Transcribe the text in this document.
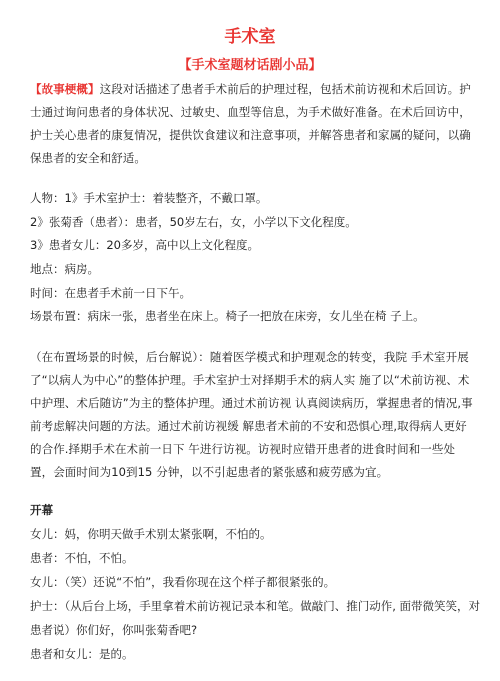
手术室
【手术室题材话剧小品】

【故事梗概】这段对话描述了患者手术前后的护理过程，包括术前访视和术后回访。护士通过询问患者的身体状况、过敏史、血型等信息，为手术做好准备。在术后回访中，护士关心患者的康复情况，提供饮食建议和注意事项，并解答患者和家属的疑问，以确保患者的安全和舒适。

人物：1》手术室护士：着装整齐，不戴口罩。

2》张菊香（患者）：患者，50岁左右，女，小学以下文化程度。

3》患者女儿：20多岁，高中以上文化程度。

地点：病房。

时间：在患者手术前一日下午。

场景布置：病床一张，患者坐在床上。椅子一把放在床旁，女儿坐在椅 子上。

（在布置场景的时候，后台解说）：随着医学模式和护理观念的转变，我院 手术室开展了“以病人为中心”的整体护理。手术室护士对择期手术的病人实 施了以“术前访视、术中护理、术后随访”为主的整体护理。通过术前访视 认真阅读病历，掌握患者的情况,事前考虑解决问题的方法。通过术前访视缓 解患者术前的不安和恐惧心理,取得病人更好的合作.择期手术在术前一日下 午进行访视。访视时应错开患者的进食时间和一些处置，会面时间为10到15 分钟，以不引起患者的紧张感和疲劳感为宜。

开幕

女儿：妈，你明天做手术别太紧张啊，不怕的。

患者：不怕，不怕。

女儿：（笑）还说“不怕”，我看你现在这个样子都很紧张的。

护士：（从后台上场，手里拿着术前访视记录本和笔。做敲门、推门动作, 面带微笑笑，对

患者说）你们好，你叫张菊香吧?

患者和女儿：是的。
